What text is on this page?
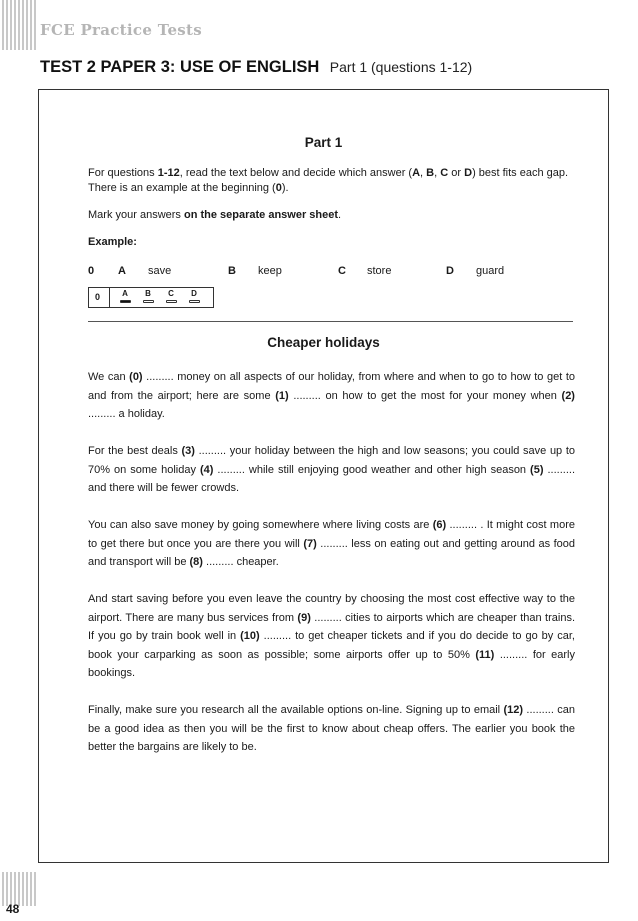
FCE Practice Tests

TEST 2 PAPER 3: USE OF ENGLISH Part 1 (questions 1-12)

Part 1

For questions 1-12, read the text below and decide which answer (A, B, C or D) best fits each gap. There is an example at the beginning (0).

Mark your answers on the separate answer sheet.

Example:

0 A save	B keep	C store	D guard
0	A	B	C	D

Cheaper holidays

We can (0) ......... money on all aspects of our holiday, from where and when to go to how to get to and from the airport; here are some (1) ......... on how to get the most for your money when (2) ......... a holiday.

For the best deals (3) ......... your holiday between the high and low seasons; you could save up to 70% on some holiday (4) ......... while still enjoying good weather and other high season (5) ......... and there will be fewer crowds.

You can also save money by going somewhere where living costs are (6) ......... . It might cost more to get there but once you are there you will (7) ......... less on eating out and getting around as food and transport will be (8) ......... cheaper.

And start saving before you even leave the country by choosing the most cost effective way to the airport. There are many bus services from (9) ......... cities to airports which are cheaper than trains. If you go by train book well in (10) ......... to get cheaper tickets and if you do decide to go by car, book your carparking as soon as possible; some airports offer up to 50% (11) ......... for early bookings.

Finally, make sure you research all the available options on-line. Signing up to email (12) ......... can be a good idea as then you will be the first to know about cheap offers. The earlier you book the better the bargains are likely to be.

48
